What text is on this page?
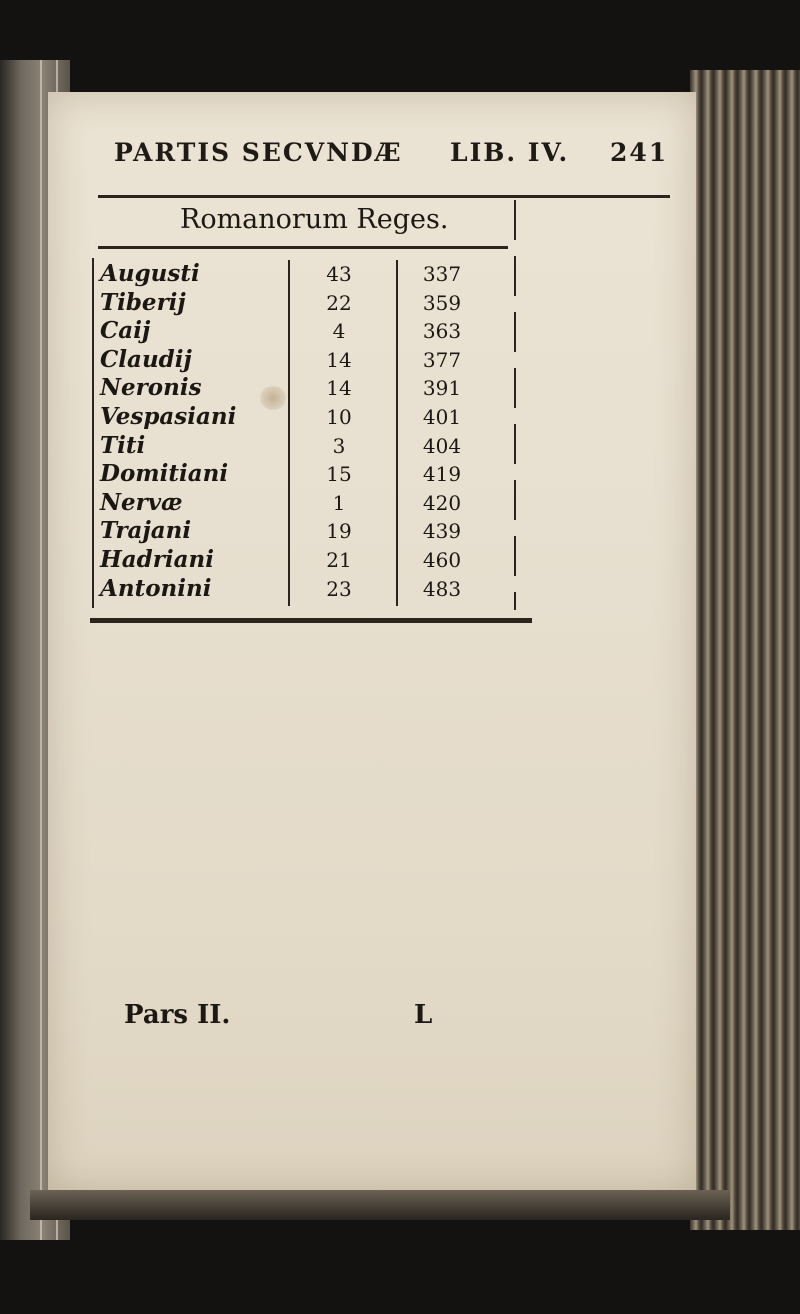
PARTIS SECVNDÆ LIB. IV. 241
Romanorum Reges.
Augusti	43	337
Tiberij	22	359
Caij	4	363
Claudij	14	377
Neronis	14	391
Vespasiani	10	401
Titi	3	404
Domitiani	15	419
Nervæ	1	420
Trajani	19	439
Hadriani	21	460
Antonini	23	483
Pars II.	L
